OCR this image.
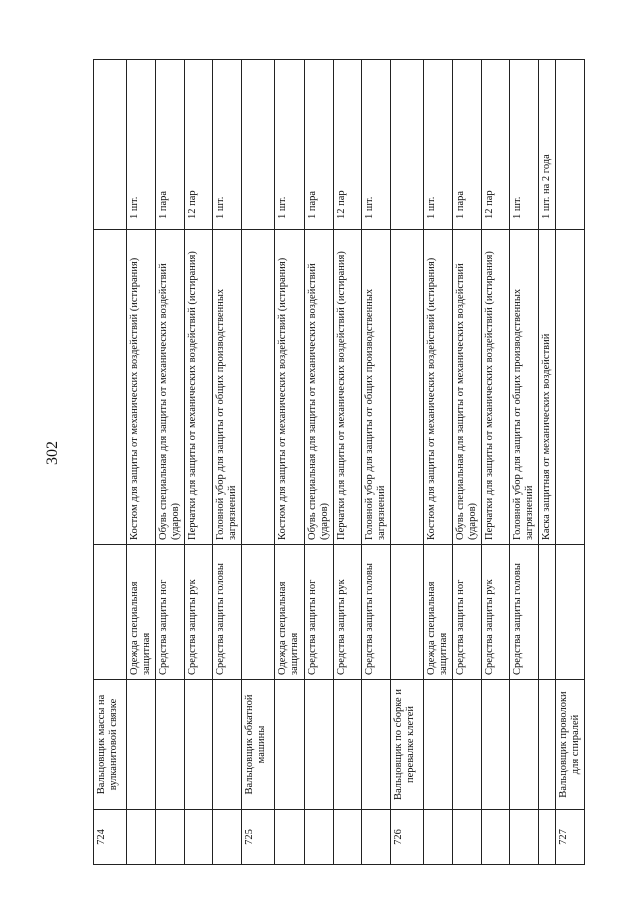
302
724	Вальцовщик массы на вулканитовой связке			
		Одежда специальная защитная	Костюм для защиты от механических воздействий (истирания)	1 шт.
		Средства защиты ног	Обувь специальная для защиты от механических воздействий (ударов)	1 пара
		Средства защиты рук	Перчатки для защиты от механических воздействий (истирания)	12 пар
		Средства защиты головы	Головной убор для защиты от общих производственных загрязнений	1 шт.
725	Вальцовщик обкатной машины			
		Одежда специальная защитная	Костюм для защиты от механических воздействий (истирания)	1 шт.
		Средства защиты ног	Обувь специальная для защиты от механических воздействий (ударов)	1 пара
		Средства защиты рук	Перчатки для защиты от механических воздействий (истирания)	12 пар
		Средства защиты головы	Головной убор для защиты от общих производственных загрязнений	1 шт.
726	Вальцовщик по сборке и перевалке клетей			
		Одежда специальная защитная	Костюм для защиты от механических воздействий (истирания)	1 шт.
		Средства защиты ног	Обувь специальная для защиты от механических воздействий (ударов)	1 пара
		Средства защиты рук	Перчатки для защиты от механических воздействий (истирания)	12 пар
		Средства защиты головы	Головной убор для защиты от общих производственных загрязнений	1 шт.
			Каска защитная от механических воздействий	1 шт. на 2 года
727	Вальцовщик проволоки для спиралей			
